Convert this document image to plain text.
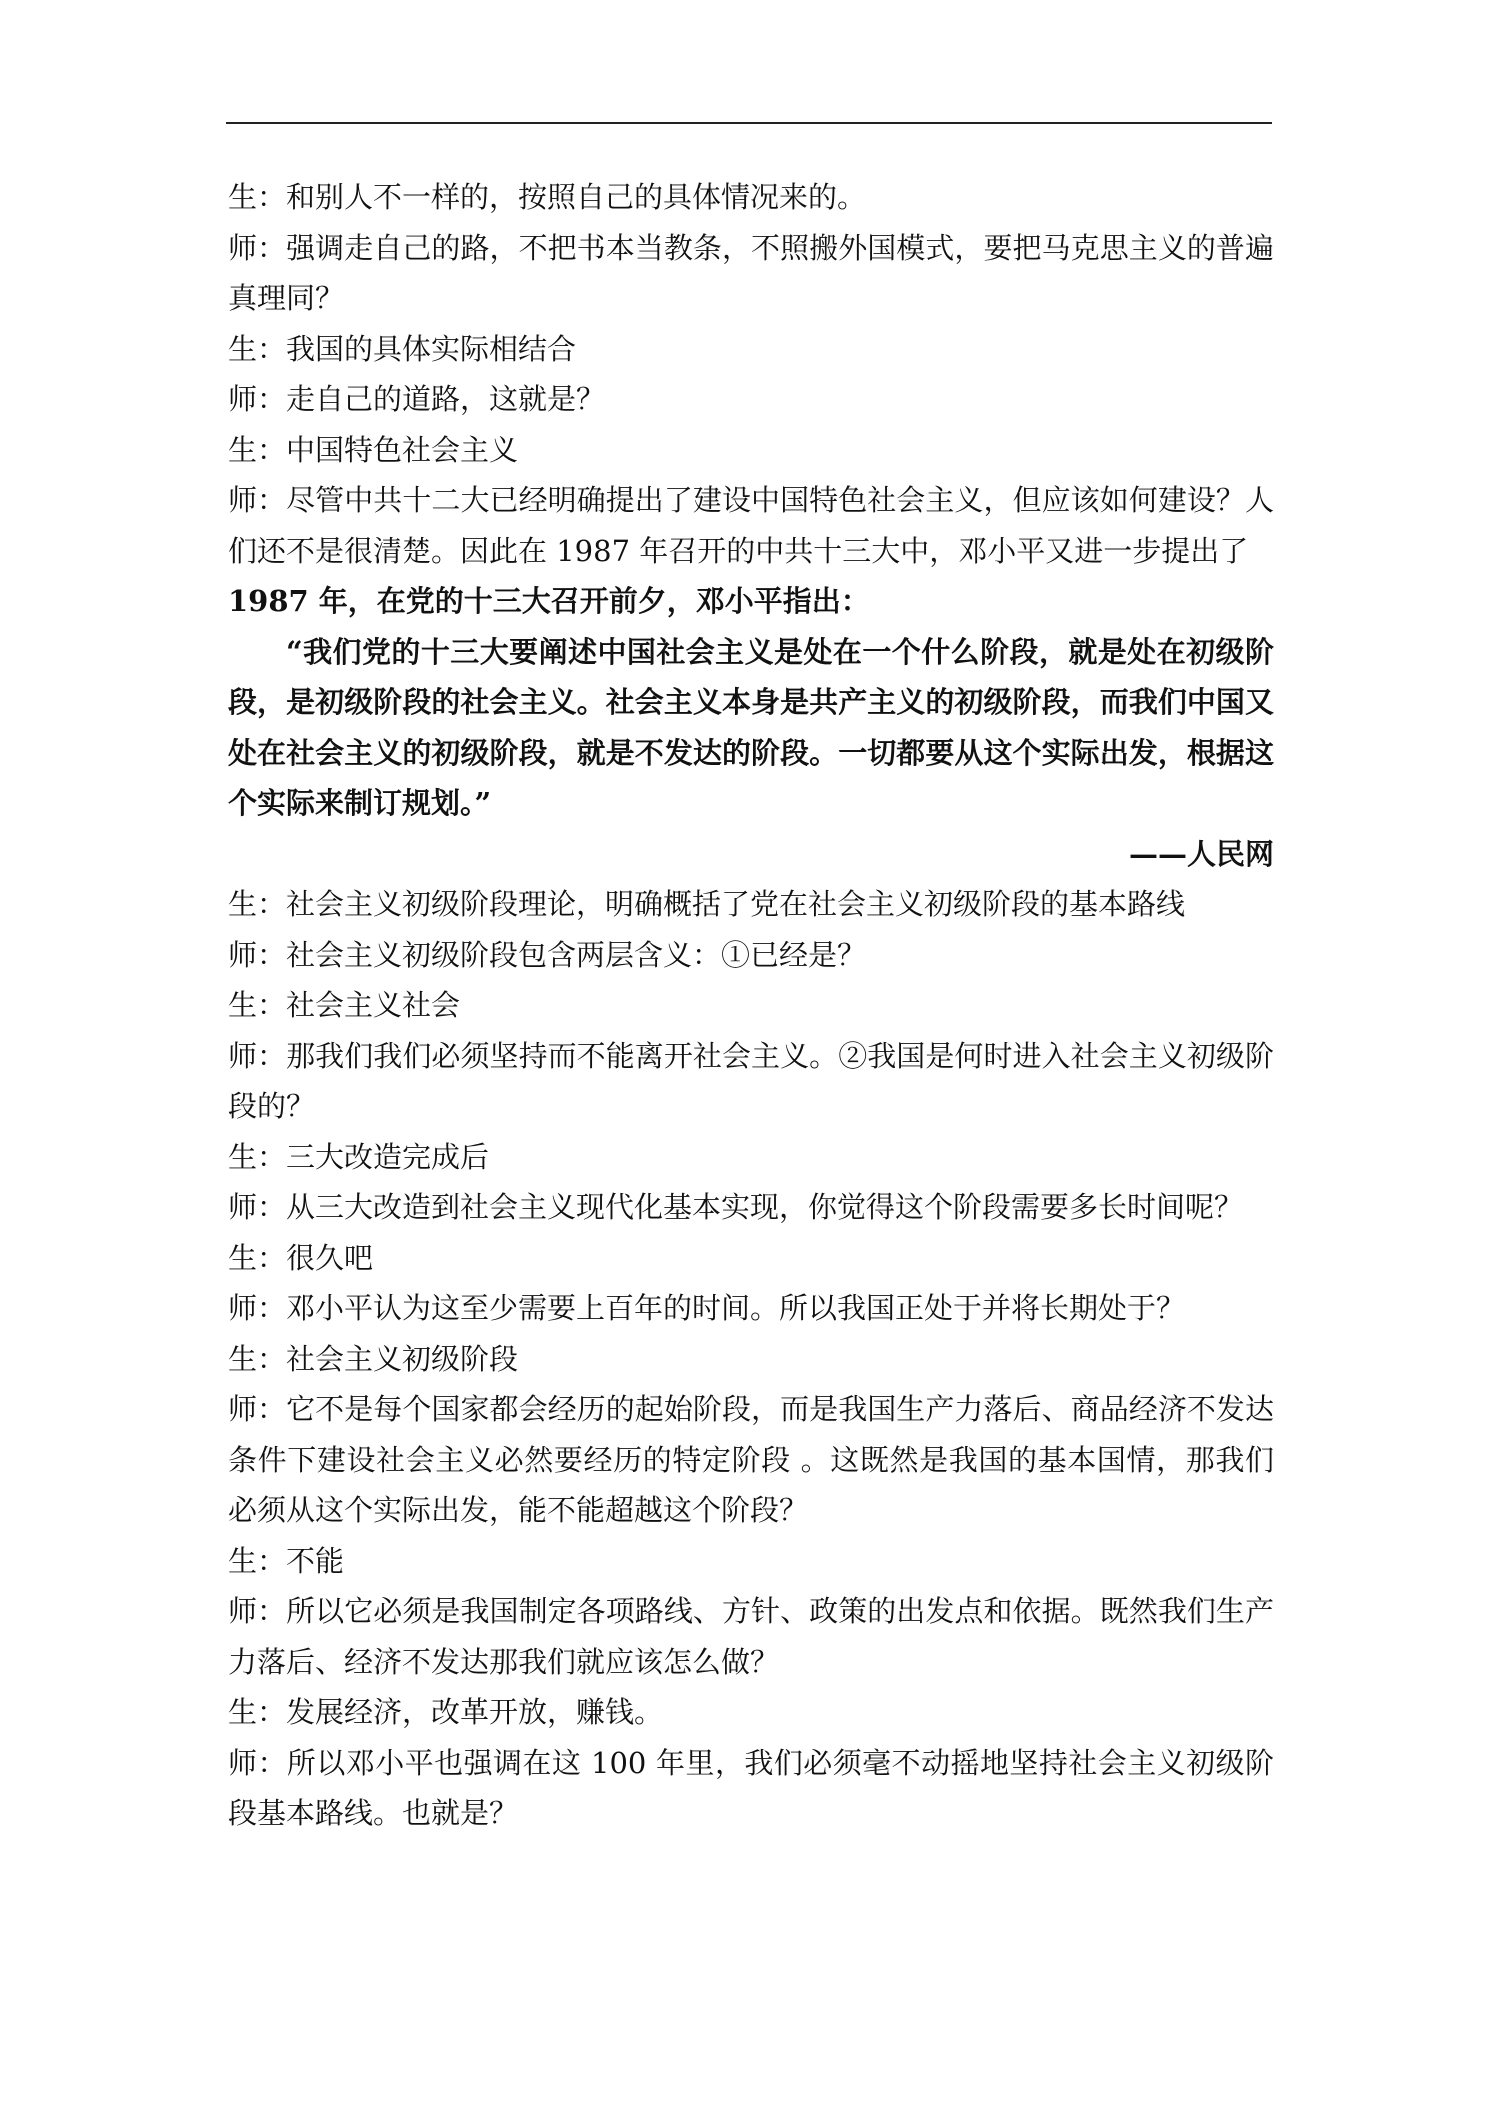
生：和别人不一样的，按照自己的具体情况来的。

师：强调走自己的路，不把书本当教条，不照搬外国模式，要把马克思主义的普遍真理同？

生：我国的具体实际相结合

师：走自己的道路，这就是？

生：中国特色社会主义

师：尽管中共十二大已经明确提出了建设中国特色社会主义，但应该如何建设？人们还不是很清楚。因此在 1987 年召开的中共十三大中，邓小平又进一步提出了

1987 年，在党的十三大召开前夕，邓小平指出：

“我们党的十三大要阐述中国社会主义是处在一个什么阶段，就是处在初级阶段，是初级阶段的社会主义。社会主义本身是共产主义的初级阶段，而我们中国又处在社会主义的初级阶段，就是不发达的阶段。一切都要从这个实际出发，根据这个实际来制订规划。”

——人民网

生：社会主义初级阶段理论，明确概括了党在社会主义初级阶段的基本路线

师：社会主义初级阶段包含两层含义：①已经是？

生：社会主义社会

师：那我们我们必须坚持而不能离开社会主义。②我国是何时进入社会主义初级阶段的？

生：三大改造完成后

师：从三大改造到社会主义现代化基本实现，你觉得这个阶段需要多长时间呢？

生：很久吧

师：邓小平认为这至少需要上百年的时间。所以我国正处于并将长期处于？

生：社会主义初级阶段

师：它不是每个国家都会经历的起始阶段，而是我国生产力落后、商品经济不发达条件下建设社会主义必然要经历的特定阶段 。这既然是我国的基本国情，那我们必须从这个实际出发，能不能超越这个阶段？

生：不能

师：所以它必须是我国制定各项路线、方针、政策的出发点和依据。既然我们生产力落后、经济不发达那我们就应该怎么做？

生：发展经济，改革开放，赚钱。

师：所以邓小平也强调在这 100 年里，我们必须毫不动摇地坚持社会主义初级阶段基本路线。也就是？
